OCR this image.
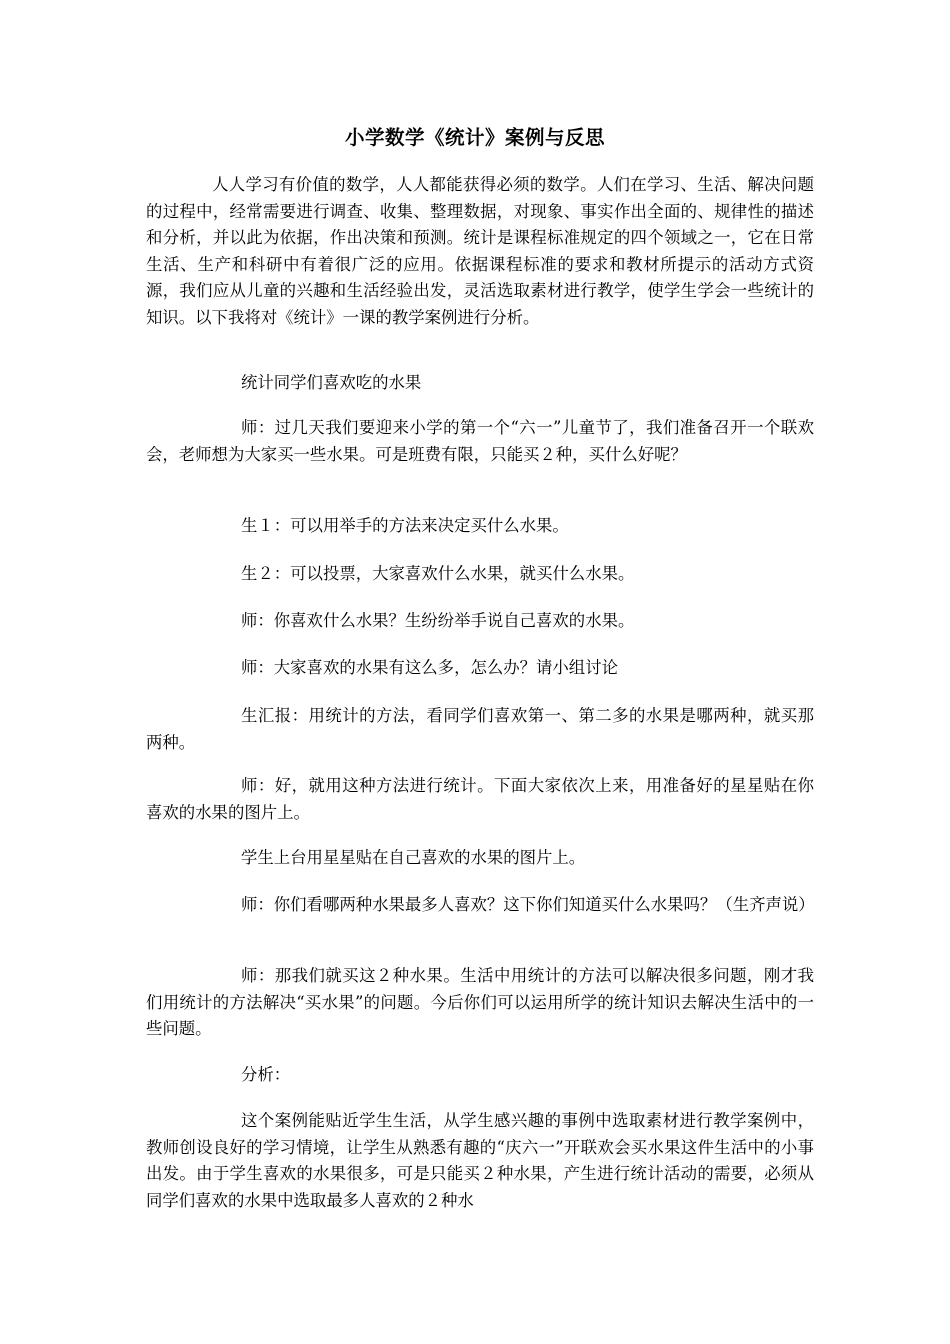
小学数学《统计》案例与反思

人人学习有价值的数学，人人都能获得必须的数学。人们在学习、生活、解决问题的过程中，经常需要进行调查、收集、整理数据，对现象、事实作出全面的、规律性的描述和分析，并以此为依据，作出决策和预测。统计是课程标准规定的四个领域之一，它在日常生活、生产和科研中有着很广泛的应用。依据课程标准的要求和教材所提示的活动方式资源，我们应从儿童的兴趣和生活经验出发，灵活选取素材进行教学，使学生学会一些统计的知识。以下我将对《统计》一课的教学案例进行分析。

统计同学们喜欢吃的水果

师：过几天我们要迎来小学的第一个“六一”儿童节了，我们准备召开一个联欢会，老师想为大家买一些水果。可是班费有限，只能买２种，买什么好呢？

生１：可以用举手的方法来决定买什么水果。

生２：可以投票，大家喜欢什么水果，就买什么水果。

师：你喜欢什么水果？生纷纷举手说自己喜欢的水果。

师：大家喜欢的水果有这么多，怎么办？请小组讨论

生汇报：用统计的方法，看同学们喜欢第一、第二多的水果是哪两种，就买那两种。

师：好，就用这种方法进行统计。下面大家依次上来，用准备好的星星贴在你喜欢的水果的图片上。

学生上台用星星贴在自己喜欢的水果的图片上。

师：你们看哪两种水果最多人喜欢？这下你们知道买什么水果吗？（生齐声说）

师：那我们就买这２种水果。生活中用统计的方法可以解决很多问题，刚才我们用统计的方法解决“买水果”的问题。今后你们可以运用所学的统计知识去解决生活中的一些问题。

分析：

这个案例能贴近学生生活，从学生感兴趣的事例中选取素材进行教学案例中，教师创设良好的学习情境，让学生从熟悉有趣的“庆六一”开联欢会买水果这件生活中的小事出发。由于学生喜欢的水果很多，可是只能买２种水果，产生进行统计活动的需要，必须从同学们喜欢的水果中选取最多人喜欢的２种水
